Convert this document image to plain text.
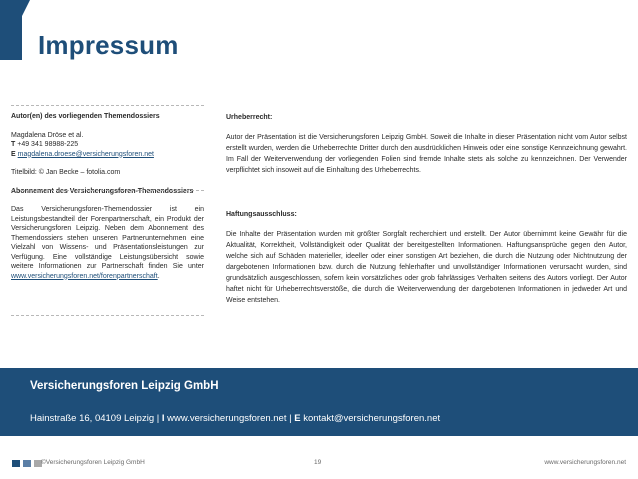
Impressum
Autor(en) des vorliegenden Themendossiers
Magdalena Dröse et al.
T +49 341 98988-225
E magdalena.droese@versicherungsforen.net
Titelbild: © Jan Becke – fotolia.com
Abonnement des Versicherungsforen-Themendossiers
Das Versicherungsforen-Themendossier ist ein Leistungsbestandteil der Forenpartnerschaft, ein Produkt der Versicherungsforen Leipzig. Neben dem Abonnement des Themendossiers stehen unseren Partnerunternehmen eine Vielzahl von Wissens- und Präsentationsleistungen zur Verfügung. Eine vollständige Leistungsübersicht sowie weitere Informationen zur Partnerschaft finden Sie unter www.versicherungsforen.net/forenpartnerschaft.
Urheberrecht:
Autor der Präsentation ist die Versicherungsforen Leipzig GmbH. Soweit die Inhalte in dieser Präsentation nicht vom Autor selbst erstellt wurden, werden die Urheberrechte Dritter durch den ausdrücklichen Hinweis oder eine sonstige Kennzeichnung gewahrt. Im Fall der Weiterverwendung der vorliegenden Folien sind fremde Inhalte stets als solche zu kennzeichnen. Der Verwender verpflichtet sich insoweit auf die Einhaltung des Urheberrechts.
Haftungsausschluss:
Die Inhalte der Präsentation wurden mit größter Sorgfalt recherchiert und erstellt. Der Autor übernimmt keine Gewähr für die Aktualität, Korrektheit, Vollständigkeit oder Qualität der bereitgestellten Informationen. Haftungsansprüche gegen den Autor, welche sich auf Schäden materieller, ideeller oder einer sonstigen Art beziehen, die durch die Nutzung oder Nichtnutzung der dargebotenen Informationen bzw. durch die Nutzung fehlerhafter und unvollständiger Informationen verursacht wurden, sind grundsätzlich ausgeschlossen, sofern kein vorsätzliches oder grob fahrlässiges Verhalten seitens des Autors vorliegt. Der Autor haftet nicht für Urheberrechtsverstöße, die durch die Weiterverwendung der dargebotenen Informationen in jedweder Art und Weise entstehen.
Versicherungsforen Leipzig GmbH
Hainstraße 16, 04109 Leipzig | I www.versicherungsforen.net | E kontakt@versicherungsforen.net
©Versicherungsforen Leipzig GmbH	19	www.versicherungsforen.net
